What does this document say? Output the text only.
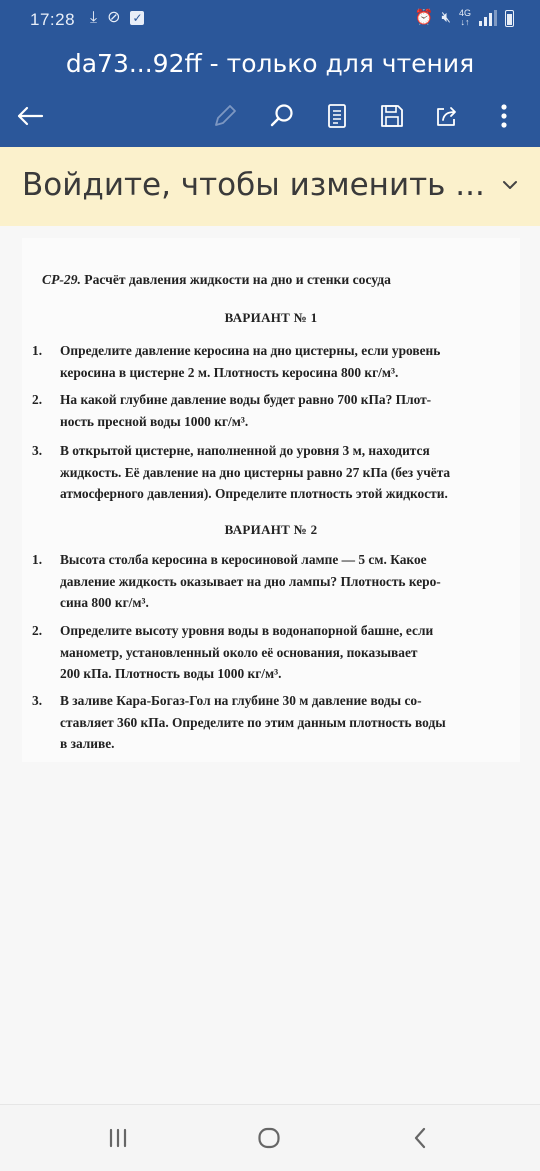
17:28 ⤓ ⊘ ✓	⏰ 🔇︎ 4G
↓↑
da73...92ff - только для чтения
Войдите, чтобы изменить ...
СР-29. Расчёт давления жидкости на дно и стенки сосуда
ВАРИАНТ № 1
1. Определите давление керосина на дно цистерны, если уровень

керосина в цистерне 2 м. Плотность керосина 800 кг/м³.

2. На какой глубине давление воды будет равно 700 кПа? Плот-

ность пресной воды 1000 кг/м³.

3. В открытой цистерне, наполненной до уровня 3 м, находится

жидкость. Её давление на дно цистерны равно 27 кПа (без учёта

атмосферного давления). Определите плотность этой жидкости.

ВАРИАНТ № 2
1. Высота столба керосина в керосиновой лампе — 5 см. Какое

давление жидкость оказывает на дно лампы? Плотность керо-

сина 800 кг/м³.

2. Определите высоту уровня воды в водонапорной башне, если

манометр, установленный около её основания, показывает

200 кПа. Плотность воды 1000 кг/м³.

3. В заливе Кара-Богаз-Гол на глубине 30 м давление воды со-

ставляет 360 кПа. Определите по этим данным плотность воды

в заливе.
